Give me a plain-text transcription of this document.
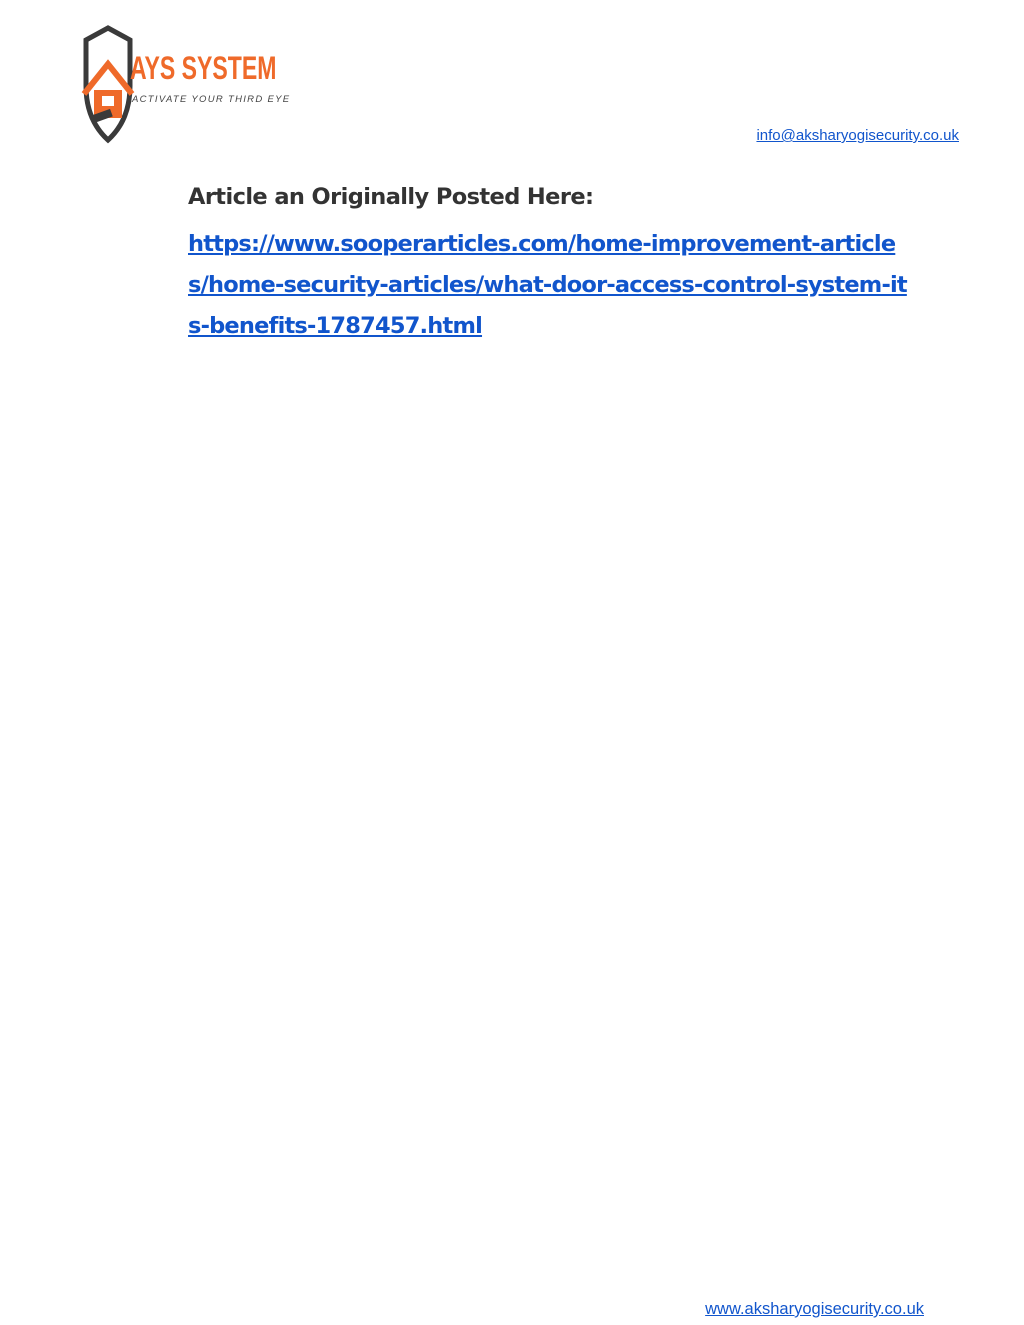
AYS SYSTEM
ACTIVATE YOUR THIRD EYE
info@aksharyogisecurity.co.uk
Article an Originally Posted Here:
https://www.sooperarticles.com/home-improvement-articles/home-security-articles/what-door-access-control-system-its-benefits-1787457.html
www.aksharyogisecurity.co.uk
